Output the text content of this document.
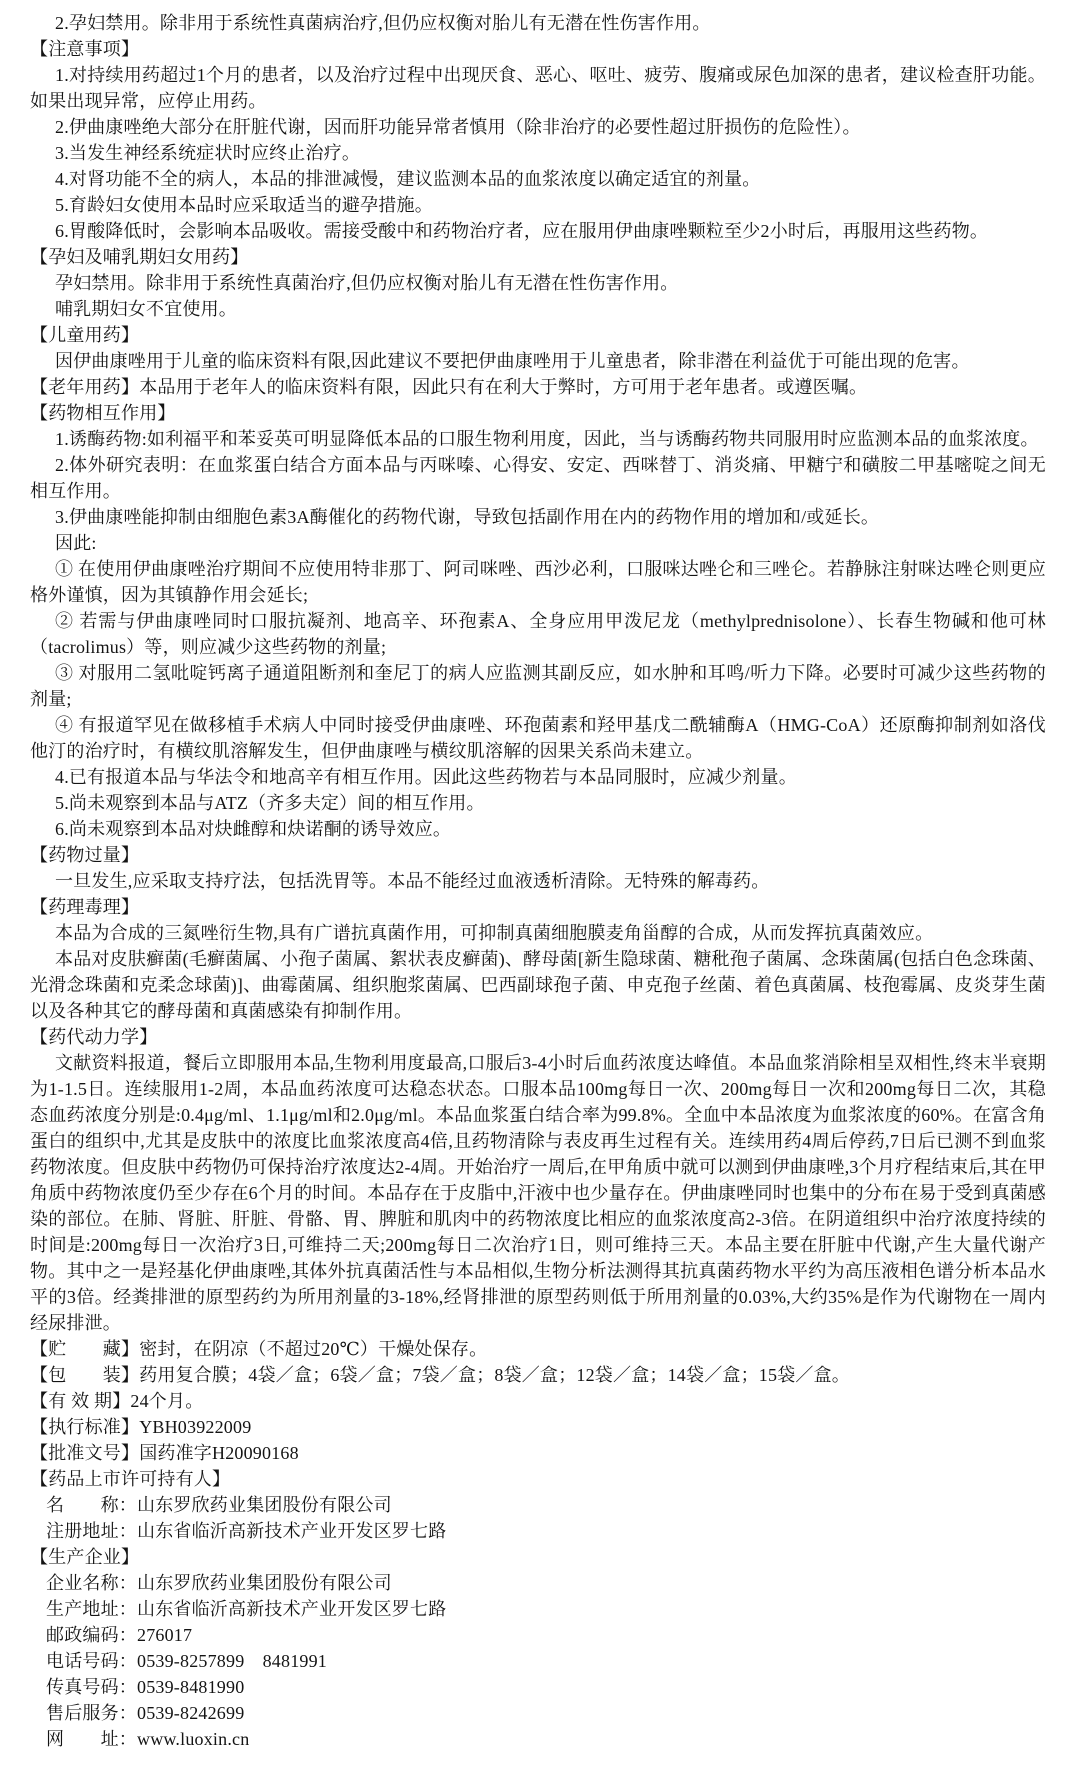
2.孕妇禁用。除非用于系统性真菌病治疗,但仍应权衡对胎儿有无潜在性伤害作用。
【注意事项】
1.对持续用药超过1个月的患者，以及治疗过程中出现厌食、恶心、呕吐、疲劳、腹痛或尿色加深的患者，建议检查肝功能。如果出现异常，应停止用药。
2.伊曲康唑绝大部分在肝脏代谢，因而肝功能异常者慎用（除非治疗的必要性超过肝损伤的危险性）。
3.当发生神经系统症状时应终止治疗。
4.对肾功能不全的病人，本品的排泄减慢，建议监测本品的血浆浓度以确定适宜的剂量。
5.育龄妇女使用本品时应采取适当的避孕措施。
6.胃酸降低时，会影响本品吸收。需接受酸中和药物治疗者，应在服用伊曲康唑颗粒至少2小时后，再服用这些药物。
【孕妇及哺乳期妇女用药】
孕妇禁用。除非用于系统性真菌治疗,但仍应权衡对胎儿有无潜在性伤害作用。
哺乳期妇女不宜使用。
【儿童用药】
因伊曲康唑用于儿童的临床资料有限,因此建议不要把伊曲康唑用于儿童患者，除非潜在利益优于可能出现的危害。
【老年用药】本品用于老年人的临床资料有限，因此只有在利大于弊时，方可用于老年患者。或遵医嘱。
【药物相互作用】
1.诱酶药物:如利福平和苯妥英可明显降低本品的口服生物利用度，因此，当与诱酶药物共同服用时应监测本品的血浆浓度。
2.体外研究表明：在血浆蛋白结合方面本品与丙咪嗪、心得安、安定、西咪替丁、消炎痛、甲糖宁和磺胺二甲基嘧啶之间无相互作用。
3.伊曲康唑能抑制由细胞色素3A酶催化的药物代谢，导致包括副作用在内的药物作用的增加和/或延长。
因此:
① 在使用伊曲康唑治疗期间不应使用特非那丁、阿司咪唑、西沙必利，口服咪达唑仑和三唑仑。若静脉注射咪达唑仑则更应格外谨慎，因为其镇静作用会延长;
② 若需与伊曲康唑同时口服抗凝剂、地高辛、环孢素A、全身应用甲泼尼龙（methylprednisolone）、长春生物碱和他可林（tacrolimus）等，则应减少这些药物的剂量;
③ 对服用二氢吡啶钙离子通道阻断剂和奎尼丁的病人应监测其副反应，如水肿和耳鸣/听力下降。必要时可减少这些药物的剂量;
④ 有报道罕见在做移植手术病人中同时接受伊曲康唑、环孢菌素和羟甲基戊二酰辅酶A（HMG-CoA）还原酶抑制剂如洛伐他汀的治疗时，有横纹肌溶解发生，但伊曲康唑与横纹肌溶解的因果关系尚未建立。
4.已有报道本品与华法令和地高辛有相互作用。因此这些药物若与本品同服时，应减少剂量。
5.尚未观察到本品与ATZ（齐多夫定）间的相互作用。
6.尚未观察到本品对炔雌醇和炔诺酮的诱导效应。
【药物过量】
一旦发生,应采取支持疗法，包括洗胃等。本品不能经过血液透析清除。无特殊的解毒药。
【药理毒理】
本品为合成的三氮唑衍生物,具有广谱抗真菌作用，可抑制真菌细胞膜麦角甾醇的合成，从而发挥抗真菌效应。
本品对皮肤癣菌(毛癣菌属、小孢子菌属、絮状表皮癣菌)、酵母菌[新生隐球菌、糖秕孢子菌属、念珠菌属(包括白色念珠菌、光滑念珠菌和克柔念球菌)]、曲霉菌属、组织胞浆菌属、巴西副球孢子菌、申克孢子丝菌、着色真菌属、枝孢霉属、皮炎芽生菌以及各种其它的酵母菌和真菌感染有抑制作用。
【药代动力学】
文献资料报道，餐后立即服用本品,生物利用度最高,口服后3-4小时后血药浓度达峰值。本品血浆消除相呈双相性,终末半衰期为1-1.5日。连续服用1-2周，本品血药浓度可达稳态状态。口服本品100mg每日一次、200mg每日一次和200mg每日二次，其稳态血药浓度分别是:0.4μg/ml、1.1μg/ml和2.0μg/ml。本品血浆蛋白结合率为99.8%。全血中本品浓度为血浆浓度的60%。在富含角蛋白的组织中,尤其是皮肤中的浓度比血浆浓度高4倍,且药物清除与表皮再生过程有关。连续用药4周后停药,7日后已测不到血浆药物浓度。但皮肤中药物仍可保持治疗浓度达2-4周。开始治疗一周后,在甲角质中就可以测到伊曲康唑,3个月疗程结束后,其在甲角质中药物浓度仍至少存在6个月的时间。本品存在于皮脂中,汗液中也少量存在。伊曲康唑同时也集中的分布在易于受到真菌感染的部位。在肺、肾脏、肝脏、骨骼、胃、脾脏和肌肉中的药物浓度比相应的血浆浓度高2-3倍。在阴道组织中治疗浓度持续的时间是:200mg每日一次治疗3日,可维持二天;200mg每日二次治疗1日，则可维持三天。本品主要在肝脏中代谢,产生大量代谢产物。其中之一是羟基化伊曲康唑,其体外抗真菌活性与本品相似,生物分析法测得其抗真菌药物水平约为高压液相色谱分析本品水平的3倍。经粪排泄的原型药约为所用剂量的3-18%,经肾排泄的原型药则低于所用剂量的0.03%,大约35%是作为代谢物在一周内经尿排泄。
【贮　　藏】密封，在阴凉（不超过20℃）干燥处保存。
【包　　装】药用复合膜；4袋／盒；6袋／盒；7袋／盒；8袋／盒；12袋／盒；14袋／盒；15袋／盒。
【有 效 期】24个月。
【执行标准】YBH03922009
【批准文号】国药准字H20090168
【药品上市许可持有人】
名　　称：山东罗欣药业集团股份有限公司
注册地址：山东省临沂高新技术产业开发区罗七路
【生产企业】
企业名称：山东罗欣药业集团股份有限公司
生产地址：山东省临沂高新技术产业开发区罗七路
邮政编码：276017
电话号码：0539-8257899　8481991
传真号码：0539-8481990
售后服务：0539-8242699
网　　址：www.luoxin.cn
